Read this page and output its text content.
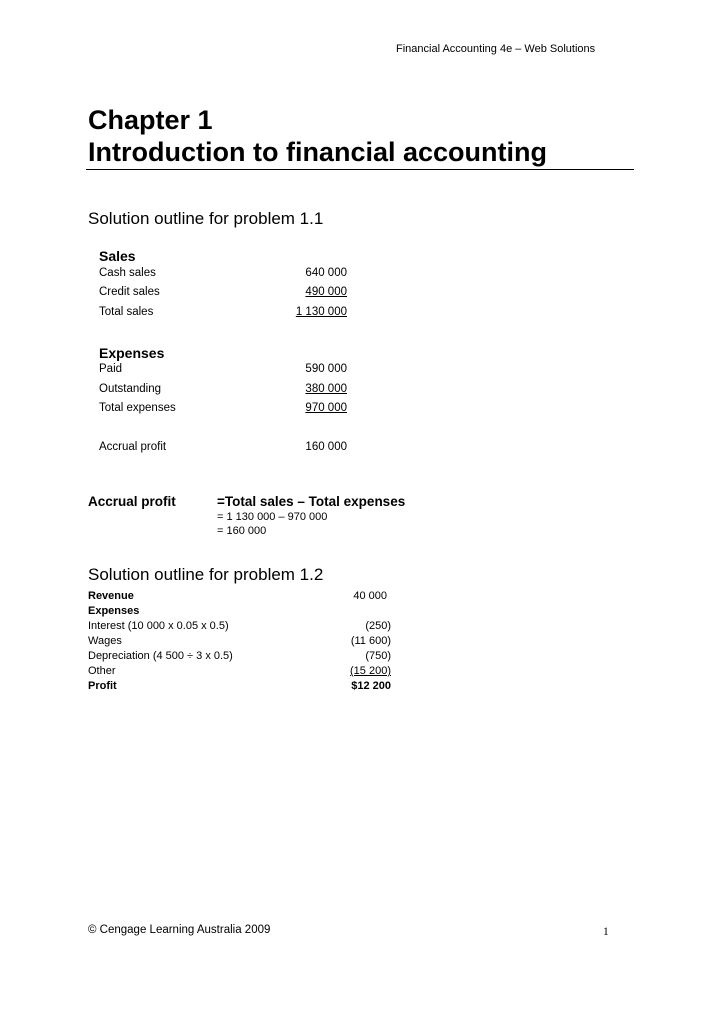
Financial Accounting 4e – Web Solutions
Chapter 1
Introduction to financial accounting
Solution outline for problem 1.1
Sales
Cash sales	640 000
Credit sales	490 000
Total sales	1 130 000
Expenses
Paid	590 000
Outstanding	380 000
Total expenses	970 000
Accrual profit	160 000
Accrual profit	=Total sales – Total expenses
= 1 130 000 – 970 000
= 160 000
Solution outline for problem 1.2
Revenue	40 000
Expenses
Interest (10 000 x 0.05 x 0.5)	(250)
Wages	(11 600)
Depreciation (4 500 ÷ 3 x 0.5)	(750)
Other	(15 200)
Profit	$12 200
© Cengage Learning Australia 2009	1
